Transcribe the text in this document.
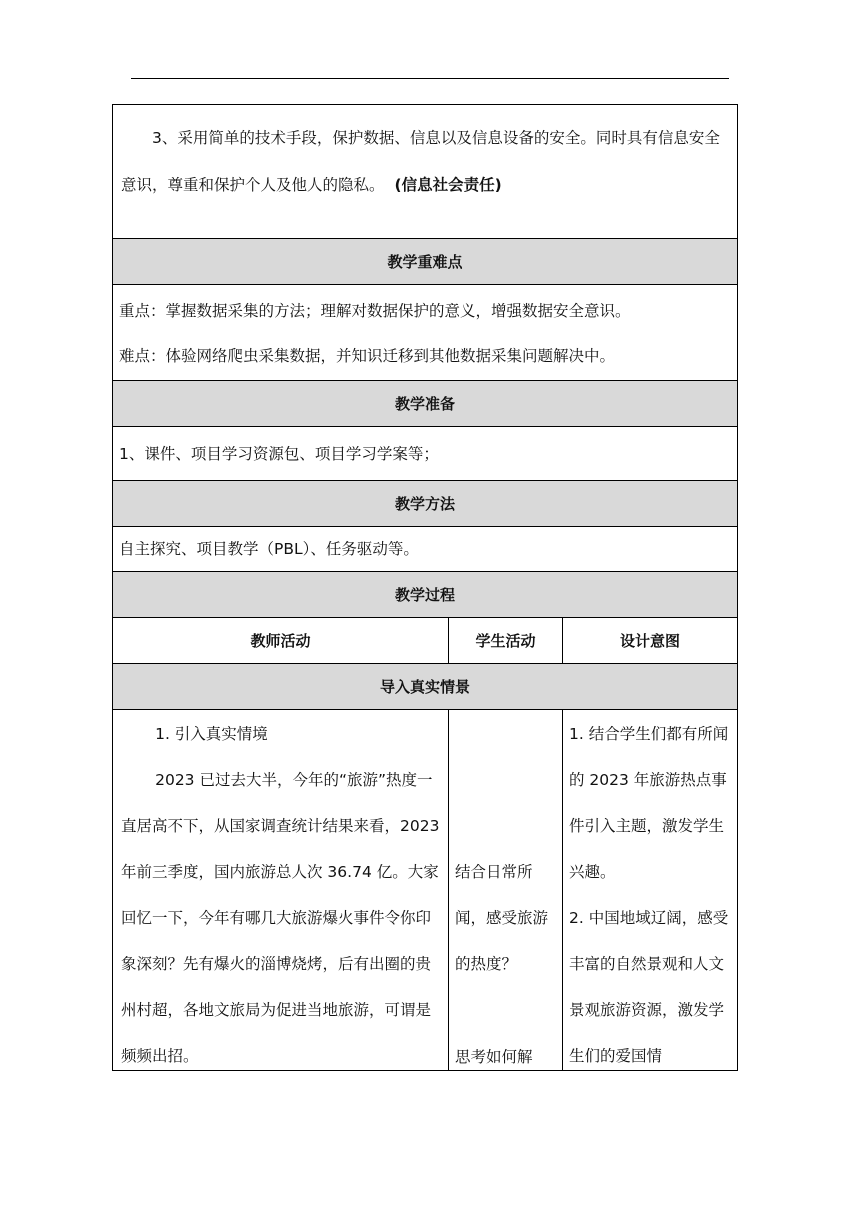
3、采用简单的技术手段，保护数据、信息以及信息设备的安全。同时具有信息安全意识，尊重和保护个人及他人的隐私。 (信息社会责任)

教学重难点

重点：掌握数据采集的方法；理解对数据保护的意义，增强数据安全意识。

难点：体验网络爬虫采集数据，并知识迁移到其他数据采集问题解决中。

教学准备
1、课件、项目学习资源包、项目学习学案等；
教学方法
自主探究、项目教学（PBL）、任务驱动等。
教学过程
教师活动	学生活动	设计意图
导入真实情景

1. 引入真实情境

2023 已过去大半，今年的“旅游”热度一直居高不下，从国家调查统计结果来看，2023 年前三季度，国内旅游总人次 36.74 亿。大家回忆一下，今年有哪几大旅游爆火事件令你印象深刻？先有爆火的淄博烧烤，后有出圈的贵州村超，各地文旅局为促进当地旅游，可谓是频频出招。

结合日常所闻，感受旅游的热度？

思考如何解

1. 结合学生们都有所闻的 2023 年旅游热点事件引入主题，激发学生兴趣。

2. 中国地域辽阔，感受丰富的自然景观和人文景观旅游资源，激发学生们的爱国情
